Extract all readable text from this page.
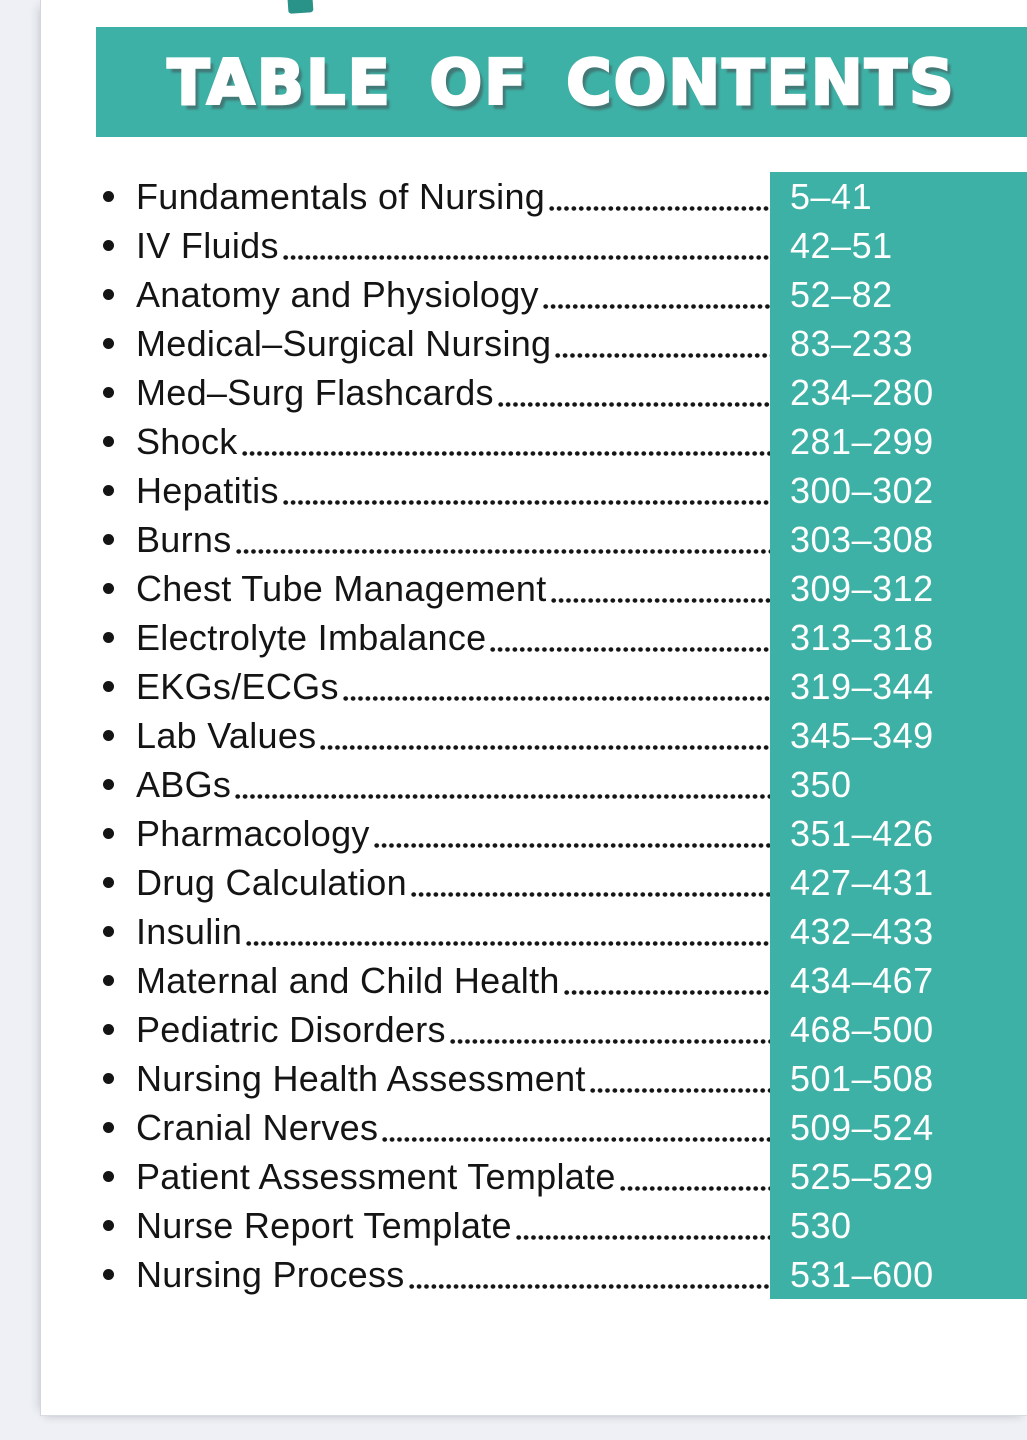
TABLE OF CONTENTS
Fundamentals of Nursing	5–41
IV Fluids	42–51
Anatomy and Physiology	52–82
Medical–Surgical Nursing	83–233
Med–Surg Flashcards	234–280
Shock	281–299
Hepatitis	300–302
Burns	303–308
Chest Tube Management	309–312
Electrolyte Imbalance	313–318
EKGs/ECGs	319–344
Lab Values	345–349
ABGs	350
Pharmacology	351–426
Drug Calculation	427–431
Insulin	432–433
Maternal and Child Health	434–467
Pediatric Disorders	468–500
Nursing Health Assessment	501–508
Cranial Nerves	509–524
Patient Assessment Template	525–529
Nurse Report Template	530
Nursing Process	531–600
